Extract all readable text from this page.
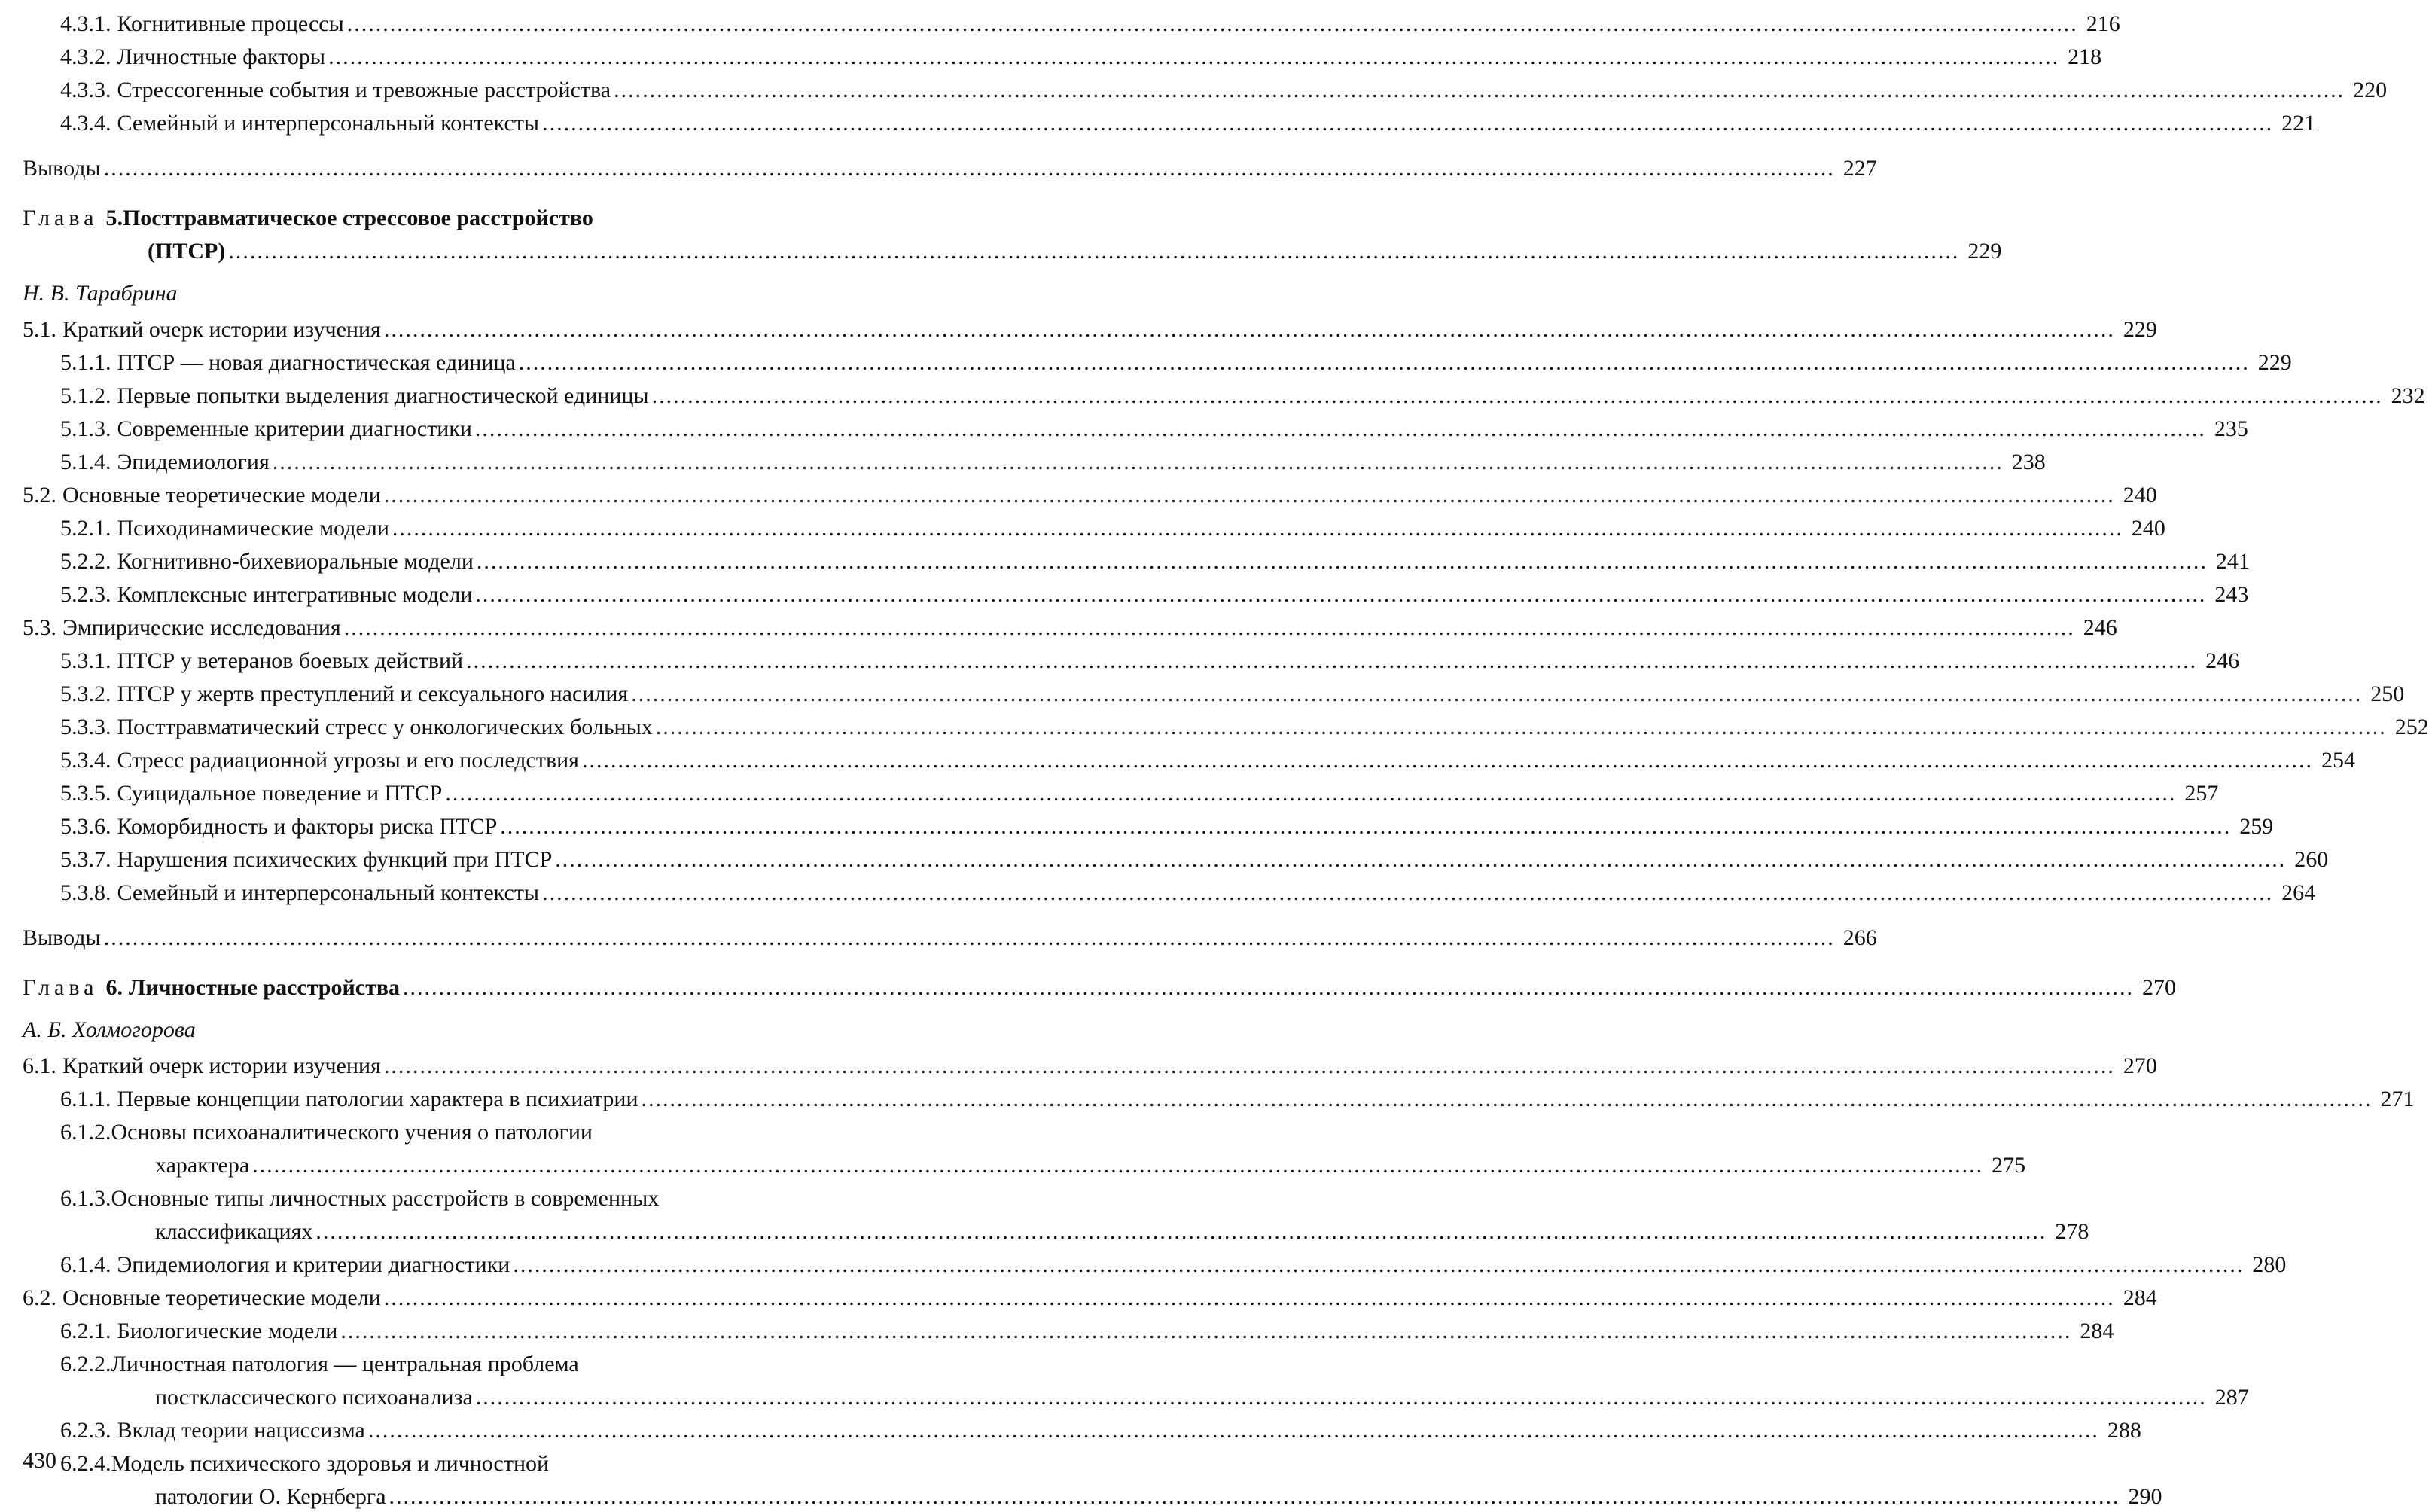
4.3.1. Когнитивные процессы .....	216
4.3.2. Личностные факторы .....	218
4.3.3. Стрессогенные события и тревожные расстройства .....	220
4.3.4. Семейный и интерперсональный контексты .....	221
Выводы .....	227
Глава 5. Посттравматическое стрессовое расстройство
(ПТСР) .....	229
Н. В. Тарабрина
5.1. Краткий очерк истории изучения .....	229
5.1.1. ПТСР — новая диагностическая единица .....	229
5.1.2. Первые попытки выделения диагностической единицы .....	232
5.1.3. Современные критерии диагностики .....	235
5.1.4. Эпидемиология .....	238
5.2. Основные теоретические модели .....	240
5.2.1. Психодинамические модели .....	240
5.2.2. Когнитивно-бихевиоральные модели .....	241
5.2.3. Комплексные интегративные модели .....	243
5.3. Эмпирические исследования .....	246
5.3.1. ПТСР у ветеранов боевых действий .....	246
5.3.2. ПТСР у жертв преступлений и сексуального насилия .....	250
5.3.3. Посттравматический стресс у онкологических больных .....	252
5.3.4. Стресс радиационной угрозы и его последствия .....	254
5.3.5. Суицидальное поведение и ПТСР .....	257
5.3.6. Коморбидность и факторы риска ПТСР .....	259
5.3.7. Нарушения психических функций при ПТСР .....	260
5.3.8. Семейный и интерперсональный контексты .....	264
Выводы .....	266
Глава 6. Личностные расстройства .....	270
А. Б. Холмогорова
6.1. Краткий очерк истории изучения .....	270
6.1.1. Первые концепции патологии характера в психиатрии .....	271
6.1.2. Основы психоаналитического учения о патологии
характера .....	275
6.1.3. Основные типы личностных расстройств в современных
классификациях .....	278
6.1.4. Эпидемиология и критерии диагностики .....	280
6.2. Основные теоретические модели .....	284
6.2.1. Биологические модели .....	284
6.2.2. Личностная патология — центральная проблема
постклассического психоанализа .....	287
6.2.3. Вклад теории нациссизма .....	288
6.2.4. Модель психического здоровья и личностной
патологии О. Кернберга .....	290
430
